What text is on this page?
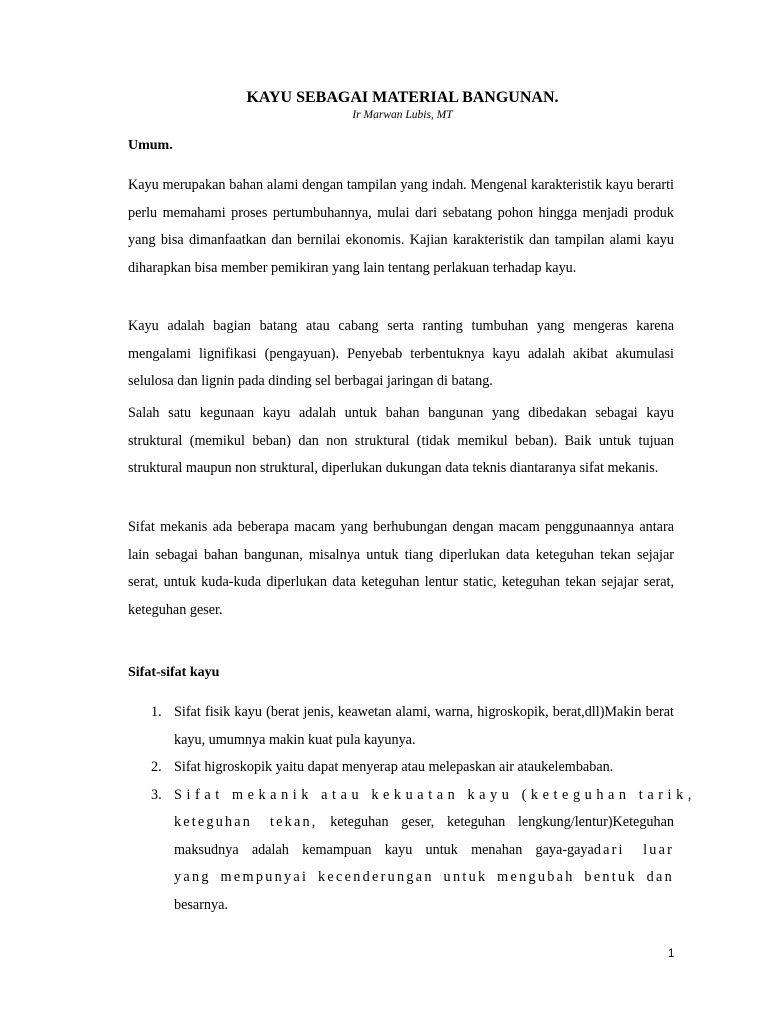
KAYU SEBAGAI MATERIAL BANGUNAN.
Ir Marwan Lubis, MT
Umum.
Kayu merupakan bahan alami dengan tampilan yang indah. Mengenal karakteristik kayu berarti perlu memahami proses pertumbuhannya, mulai dari sebatang pohon hingga menjadi produk yang bisa dimanfaatkan dan bernilai ekonomis. Kajian karakteristik dan tampilan alami kayu diharapkan bisa member pemikiran yang lain tentang perlakuan terhadap kayu.
Kayu adalah bagian batang atau cabang serta ranting tumbuhan yang mengeras karena mengalami lignifikasi (pengayuan). Penyebab terbentuknya kayu adalah akibat akumulasi selulosa dan lignin pada dinding sel berbagai jaringan di batang.
Salah satu kegunaan kayu adalah untuk bahan bangunan yang dibedakan sebagai kayu struktural (memikul beban) dan non struktural (tidak memikul beban). Baik untuk tujuan struktural maupun non struktural, diperlukan dukungan data teknis diantaranya sifat mekanis.
Sifat mekanis ada beberapa macam yang berhubungan dengan macam penggunaannya antara lain sebagai bahan bangunan, misalnya untuk tiang diperlukan data keteguhan tekan sejajar serat, untuk kuda-kuda diperlukan data keteguhan lentur static, keteguhan tekan sejajar serat, keteguhan geser.
Sifat-sifat kayu
1. Sifat fisik kayu (berat jenis, keawetan alami, warna, higroskopik, berat,dll)Makin berat kayu, umumnya makin kuat pula kayunya.
2. Sifat higroskopik yaitu dapat menyerap atau melepaskan air ataukelembaban.
3. Sifat mekanik atau kekuatan kayu (keteguhan tarik,
keteguhan tekan, keteguhan geser, keteguhan lengkung/lentur)Keteguhan
maksudnya adalah kemampuan kayu untuk menahan gaya-gayadari luar
yang mempunyai kecenderungan untuk mengubah bentuk dan
besarnya.
1
